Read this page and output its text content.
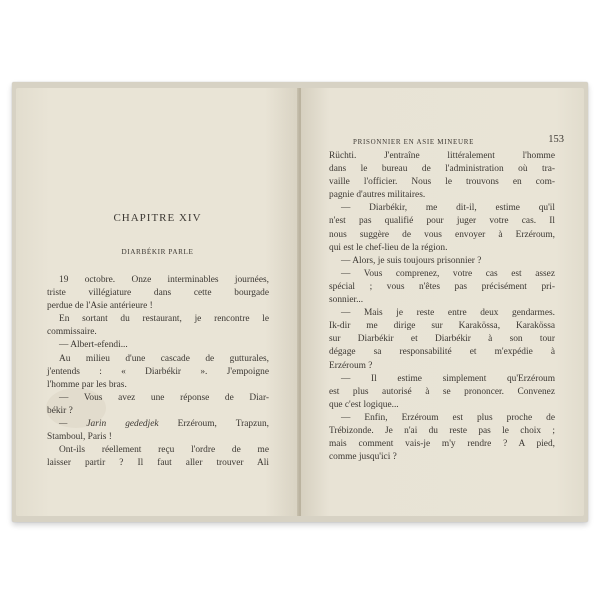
CHAPITRE XIV
DIARBÉKIR PARLE
19 octobre. Onze interminables journées,
triste villégiature dans cette bourgade
perdue de l'Asie antérieure !
En sortant du restaurant, je rencontre le
commissaire.
— Albert-efendi...
Au milieu d'une cascade de gutturales,
j'entends : « Diarbékir ». J'empoigne
l'homme par les bras.
— Vous avez une réponse de Diar-
békir ?
— Jarin gededjek Erzéroum, Trapzun,
Stamboul, Paris !
Ont-ils réellement reçu l'ordre de me
laisser partir ? Il faut aller trouver Ali
PRISONNIER EN ASIE MINEURE	153
Rüchti. J'entraîne littéralement l'homme
dans le bureau de l'administration où tra-
vaille l'officier. Nous le trouvons en com-
pagnie d'autres militaires.
— Diarbékir, me dit-il, estime qu'il
n'est pas qualifié pour juger votre cas. Il
nous suggère de vous envoyer à Erzéroum,
qui est le chef-lieu de la région.
— Alors, je suis toujours prisonnier ?
— Vous comprenez, votre cas est assez
spécial ; vous n'êtes pas précisément pri-
sonnier...
— Mais je reste entre deux gendarmes.
Ik-dir me dirige sur Karakössa, Karakössa
sur Diarbékir et Diarbékir à son tour
dégage sa responsabilité et m'expédie à
Erzéroum ?
— Il estime simplement qu'Erzéroum
est plus autorisé à se prononcer. Convenez
que c'est logique...
— Enfin, Erzéroum est plus proche de
Trébizonde. Je n'ai du reste pas le choix ;
mais comment vais-je m'y rendre ? A pied,
comme jusqu'ici ?
